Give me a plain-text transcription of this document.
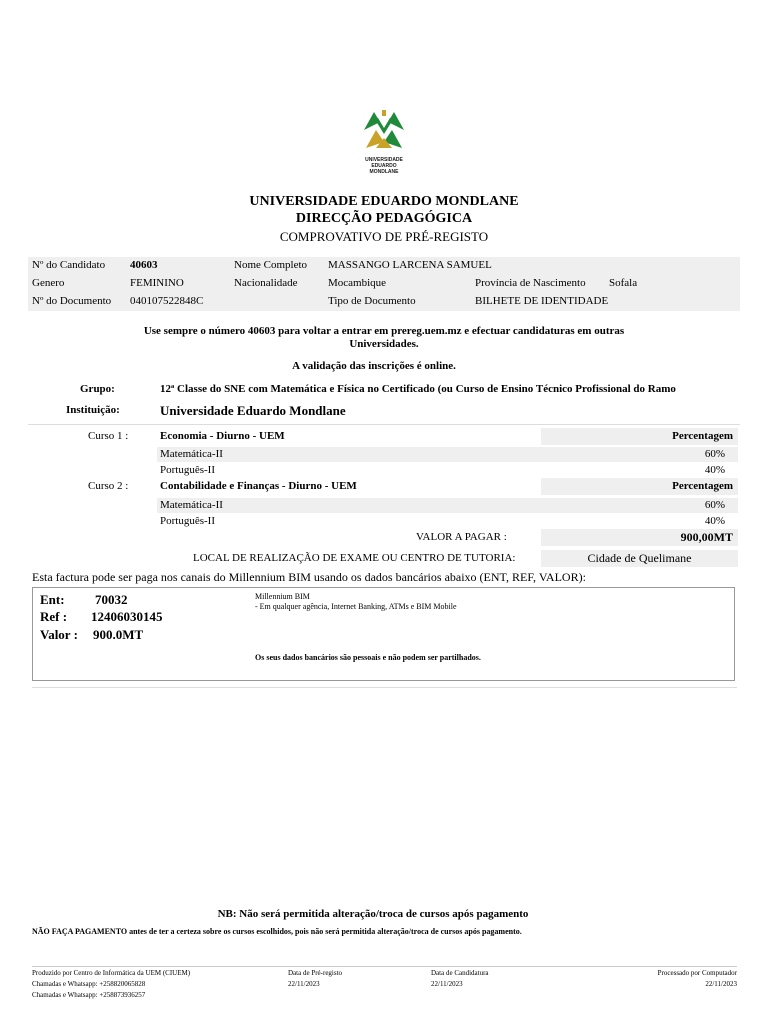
UNIVERSIDADE
EDUARDO
MONDLANE
UNIVERSIDADE EDUARDO MONDLANE
DIRECÇÃO PEDAGÓGICA
COMPROVATIVO DE PRÉ-REGISTO
Nº do Candidato 40603	Nome Completo MASSANGO LARCENA SAMUEL
Genero	FEMININO	Nacionalidade	Mocambique	Província de Nascimento Sofala
Nº do Documento 040107522848C	Tipo de Documento	BILHETE DE IDENTIDADE
Use sempre o número 40603 para voltar a entrar em prereg.uem.mz e efectuar candidaturas em outras
Universidades.
A validação das inscrições é online.
Grupo:	12ª Classe do SNE com Matemática e Física no Certificado (ou Curso de Ensino Técnico Profissional do Ramo
Instituição:	Universidade Eduardo Mondlane
Curso 1 :	Economia - Diurno - UEM	Percentagem
Matemática-II	60%
Português-II	40%
Curso 2 :	Contabilidade e Finanças - Diurno - UEM	Percentagem
Matemática-II	60%
Português-II	40%
VALOR A PAGAR :	900,00MT
LOCAL DE REALIZAÇÃO DE EXAME OU CENTRO DE TUTORIA:	Cidade de Quelimane
Esta factura pode ser paga nos canais do Millennium BIM usando os dados bancários abaixo (ENT, REF, VALOR):
Ent: 70032
Ref : 12406030145
Valor : 900.0MT
Millennium BIM
- Em qualquer agência, Internet Banking, ATMs e BIM Mobile
Os seus dados bancários são pessoais e não podem ser partilhados.
NB: Não será permitida alteração/troca de cursos após pagamento
NÃO FAÇA PAGAMENTO antes de ter a certeza sobre os cursos escolhidos, pois não será permitida alteração/troca de cursos após pagamento.
Produzido por Centro de Informática da UEM (CIUEM)
Chamadas e Whatsapp: +258820065828
Chamadas e Whatsapp: +258873936257
Data de Pré-registo
22/11/2023
Data de Candidatura
22/11/2023
Processado por Computador
22/11/2023
